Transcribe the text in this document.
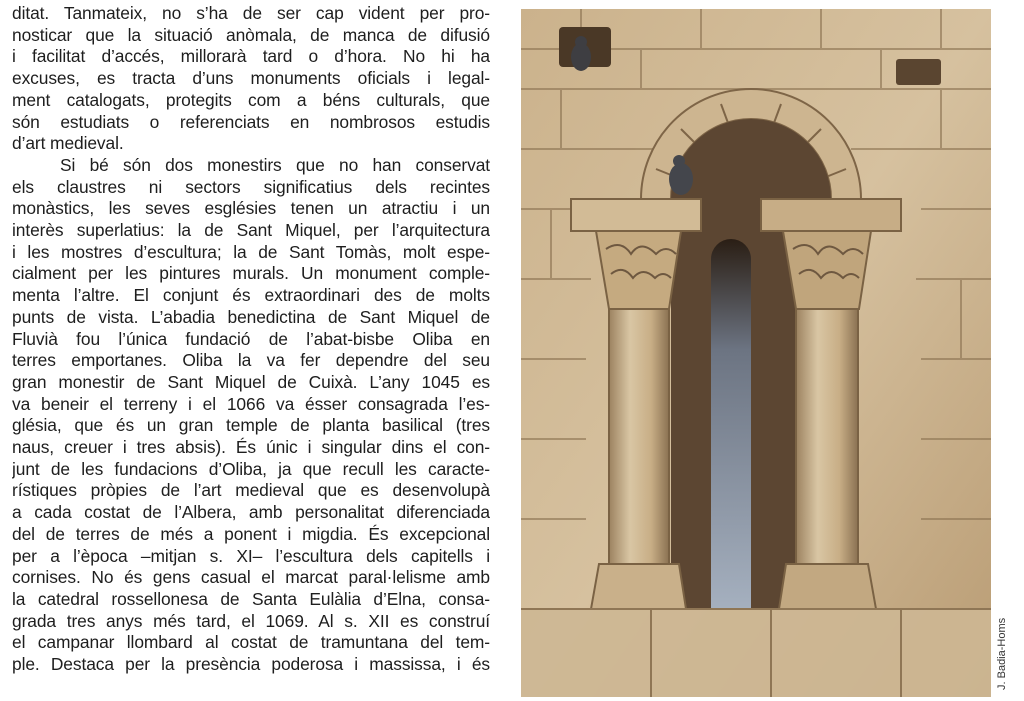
ditat. Tanmateix, no s’ha de ser cap vident per pro-
nosticar que la situació anòmala, de manca de difusió
i facilitat d’accés, millorarà tard o d’hora. No hi ha
excuses, es tracta d’uns monuments oficials i legal-
ment catalogats, protegits com a béns culturals, que
són estudiats o referenciats en nombrosos estudis
d’art medieval.

Si bé són dos monestirs que no han conservat
els claustres ni sectors significatius dels recintes
monàstics, les seves esglésies tenen un atractiu i un
interès superlatius: la de Sant Miquel, per l’arquitectura
i les mostres d’escultura; la de Sant Tomàs, molt espe-
cialment per les pintures murals. Un monument comple-
menta l’altre. El conjunt és extraordinari des de molts
punts de vista. L’abadia benedictina de Sant Miquel de
Fluvià fou l’única fundació de l’abat-bisbe Oliba en
terres emportanes. Oliba la va fer dependre del seu
gran monestir de Sant Miquel de Cuixà. L’any 1045 es
va beneir el terreny i el 1066 va ésser consagrada l’es-
glésia, que és un gran temple de planta basilical (tres
naus, creuer i tres absis). És únic i singular dins el con-
junt de les fundacions d’Oliba, ja que recull les caracte-
rístiques pròpies de l’art medieval que es desenvolupà
a cada costat de l’Albera, amb personalitat diferenciada
del de terres de més a ponent i migdia. És excepcional
per a l’època –mitjan s. XI– l’escultura dels capitells i
cornises. No és gens casual el marcat paral·lelisme amb
la catedral rossellonesa de Santa Eulàlia d’Elna, consa-
grada tres anys més tard, el 1069. Al s. XII es construí
el campanar llombard al costat de tramuntana del tem-
ple. Destaca per la presència poderosa i massissa, i és	J. Badia-Homs
